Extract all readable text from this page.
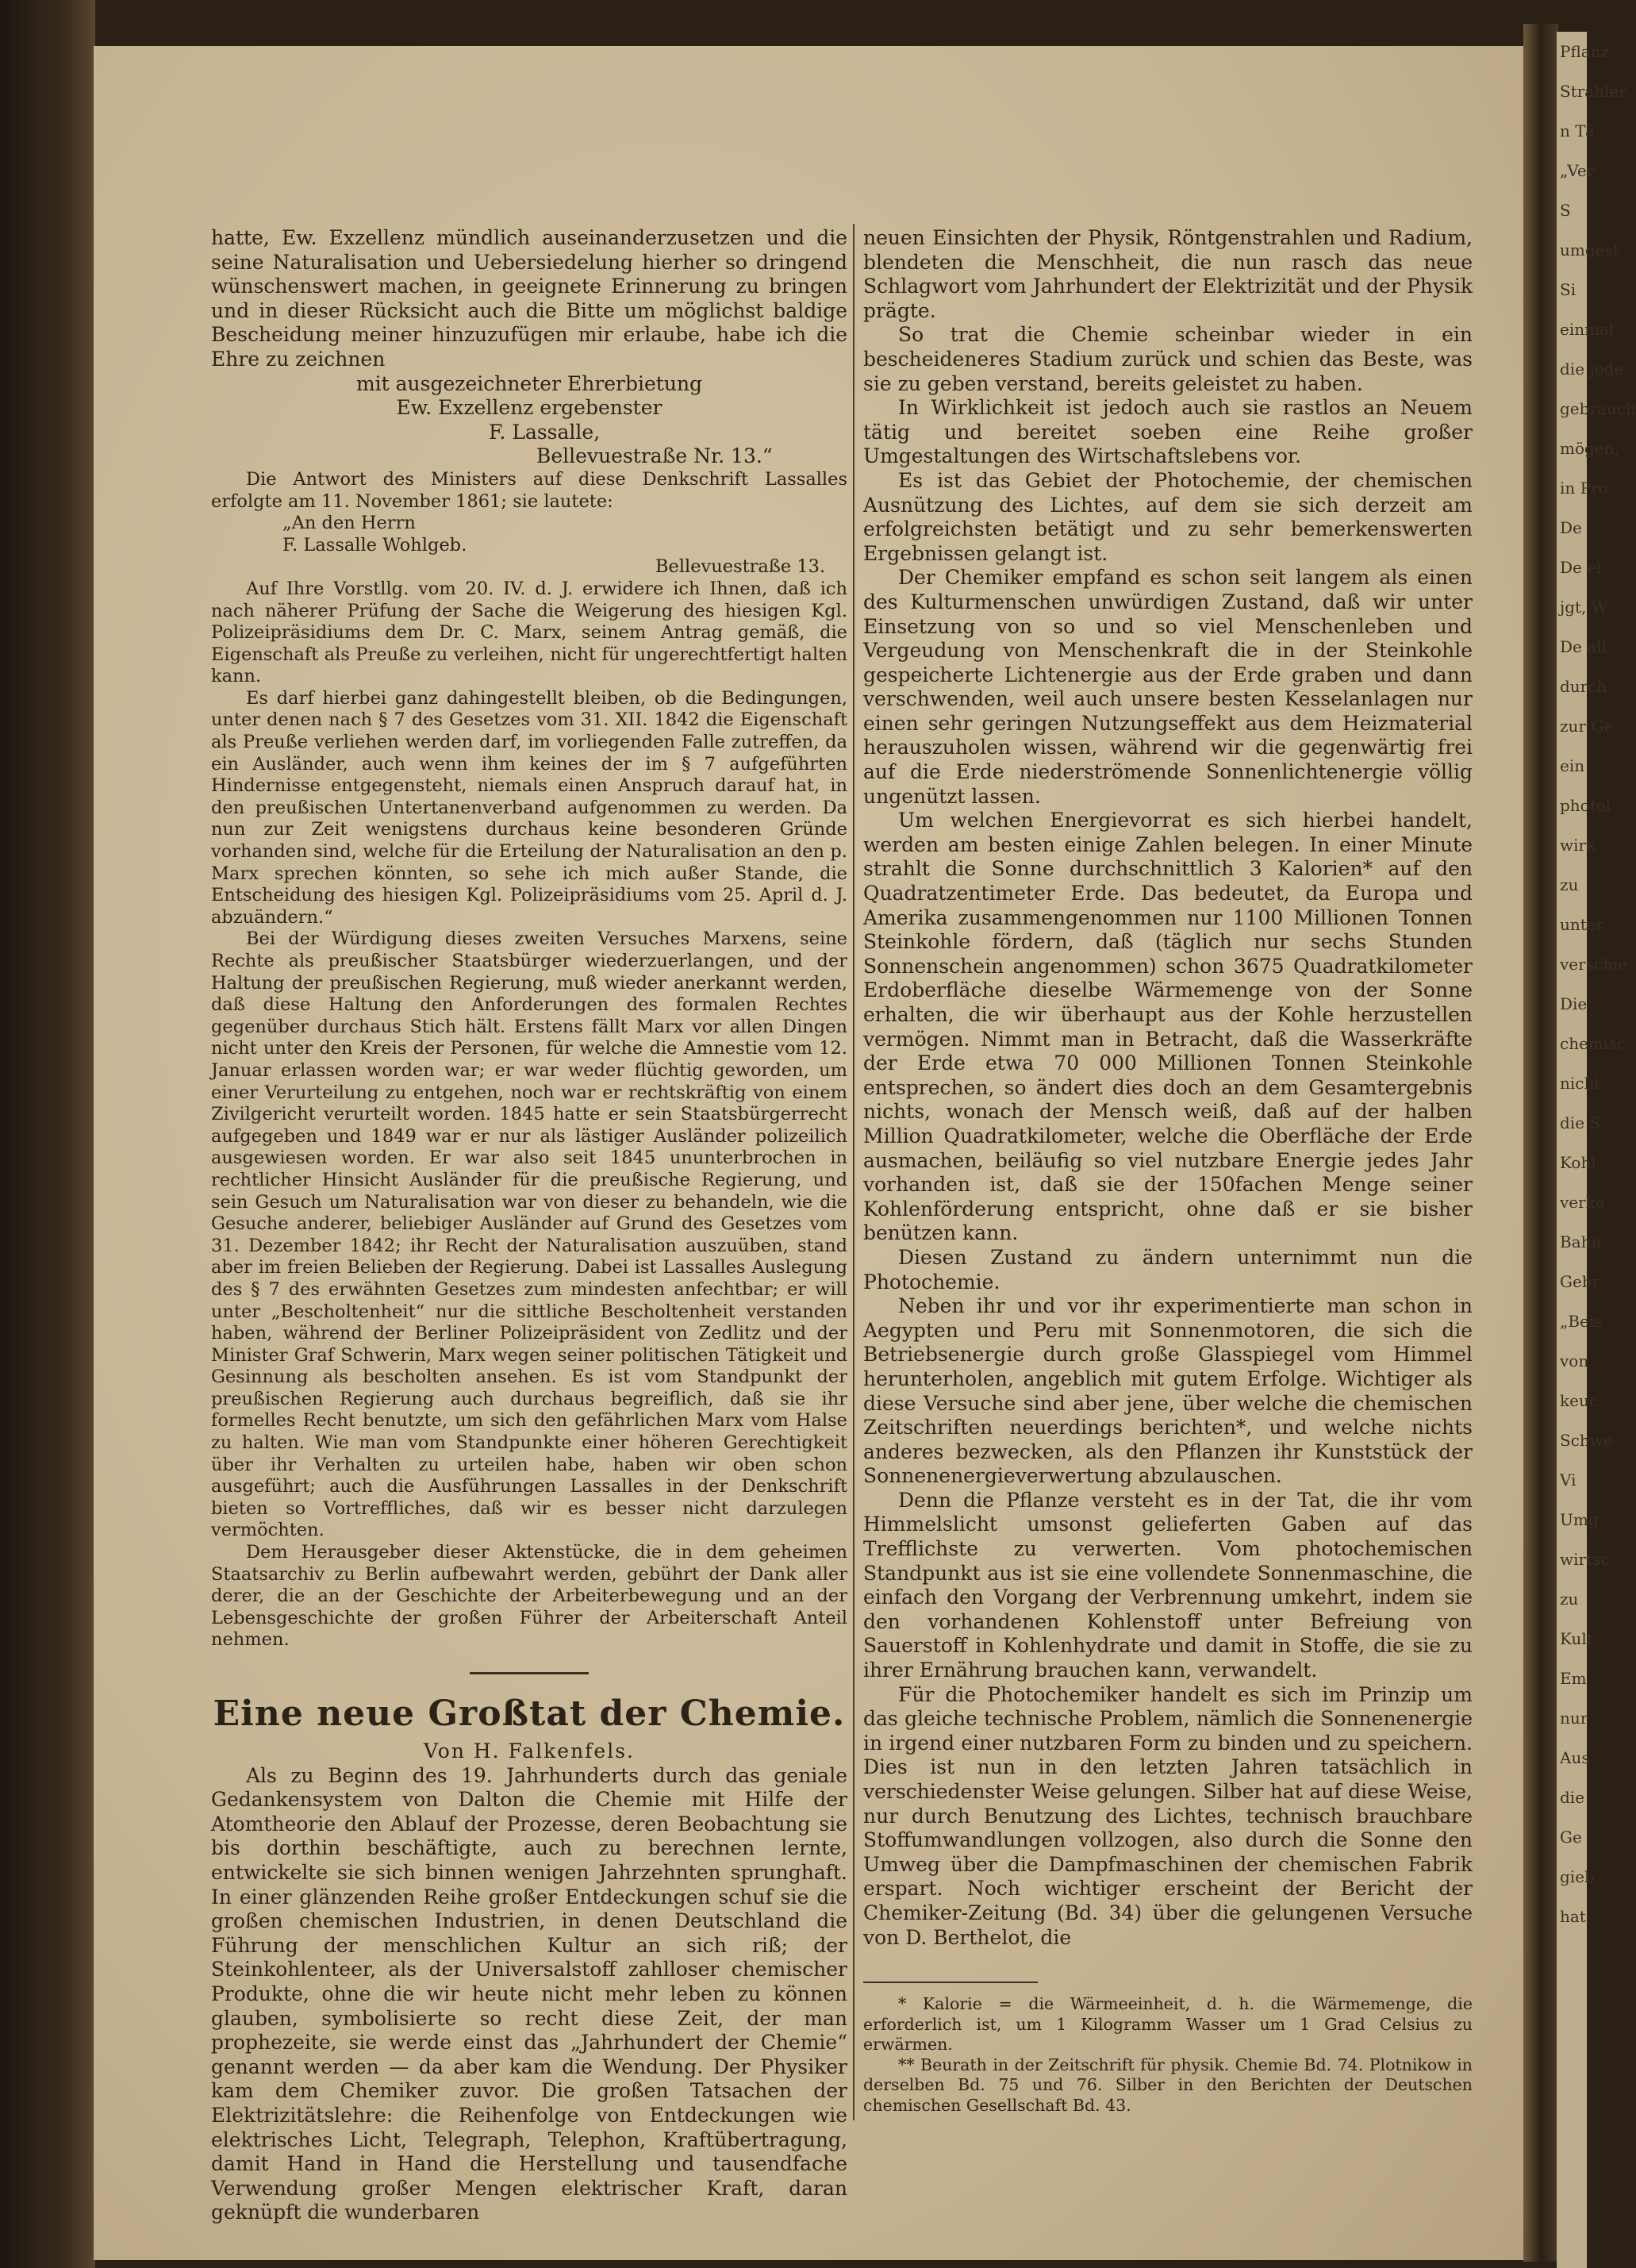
Pflanz
Strahler
n Tä
„Ver
S
umgest
Si
einmal
die jede
gebrauch
mögen,
in Pro
De
De el
jgt, W
De all
durch
zur Ge
ein
photol
wirk
zu
unter
verschie
Die
chemisc
nicht
die S
Kohl
verke
Bahn
Gebr
„Beis
von
keuc
Schwe
Vi
Umg
wirtsc
zu
Kult
Em
nur
Aus
die
Ge
gieb
hat

hatte, Ew. Exzellenz mündlich auseinanderzusetzen und die seine Naturalisation und Uebersiedelung hierher so dringend wünschenswert machen, in geeignete Erinnerung zu bringen und in dieser Rücksicht auch die Bitte um möglichst baldige Bescheidung meiner hinzuzufügen mir erlaube, habe ich die Ehre zu zeichnen

mit ausgezeichneter Ehrerbietung

Ew. Exzellenz ergebenster

F. Lassalle,

Bellevuestraße Nr. 13.“

Die Antwort des Ministers auf diese Denkschrift Lassalles erfolgte am 11. November 1861; sie lautete:

„An den Herrn

F. Lassalle Wohlgeb.

Bellevuestraße 13.

Auf Ihre Vorstllg. vom 20. IV. d. J. erwidere ich Ihnen, daß ich nach näherer Prüfung der Sache die Weigerung des hiesigen Kgl. Polizeipräsidiums dem Dr. C. Marx, seinem Antrag gemäß, die Eigenschaft als Preuße zu verleihen, nicht für ungerechtfertigt halten kann.

Es darf hierbei ganz dahingestellt bleiben, ob die Bedingungen, unter denen nach § 7 des Gesetzes vom 31. XII. 1842 die Eigenschaft als Preuße verliehen werden darf, im vorliegenden Falle zutreffen, da ein Ausländer, auch wenn ihm keines der im § 7 aufgeführten Hindernisse entgegensteht, niemals einen Anspruch darauf hat, in den preußischen Untertanenverband aufgenommen zu werden. Da nun zur Zeit wenigstens durchaus keine besonderen Gründe vorhanden sind, welche für die Erteilung der Naturalisation an den p. Marx sprechen könnten, so sehe ich mich außer Stande, die Entscheidung des hiesigen Kgl. Polizeipräsidiums vom 25. April d. J. abzuändern.“

Bei der Würdigung dieses zweiten Versuches Marxens, seine Rechte als preußischer Staatsbürger wiederzuerlangen, und der Haltung der preußischen Regierung, muß wieder anerkannt werden, daß diese Haltung den Anforderungen des formalen Rechtes gegenüber durchaus Stich hält. Erstens fällt Marx vor allen Dingen nicht unter den Kreis der Personen, für welche die Amnestie vom 12. Januar erlassen worden war; er war weder flüchtig geworden, um einer Verurteilung zu entgehen, noch war er rechtskräftig von einem Zivilgericht verurteilt worden. 1845 hatte er sein Staatsbürgerrecht aufgegeben und 1849 war er nur als lästiger Ausländer polizeilich ausgewiesen worden. Er war also seit 1845 ununterbrochen in rechtlicher Hinsicht Ausländer für die preußische Regierung, und sein Gesuch um Naturalisation war von dieser zu behandeln, wie die Gesuche anderer, beliebiger Ausländer auf Grund des Gesetzes vom 31. Dezember 1842; ihr Recht der Naturalisation auszuüben, stand aber im freien Belieben der Regierung. Dabei ist Lassalles Auslegung des § 7 des erwähnten Gesetzes zum mindesten anfechtbar; er will unter „Bescholtenheit“ nur die sittliche Bescholtenheit verstanden haben, während der Berliner Polizeipräsident von Zedlitz und der Minister Graf Schwerin, Marx wegen seiner politischen Tätigkeit und Gesinnung als bescholten ansehen. Es ist vom Standpunkt der preußischen Regierung auch durchaus begreiflich, daß sie ihr formelles Recht benutzte, um sich den gefährlichen Marx vom Halse zu halten. Wie man vom Standpunkte einer höheren Gerechtigkeit über ihr Verhalten zu urteilen habe, haben wir oben schon ausgeführt; auch die Ausführungen Lassalles in der Denkschrift bieten so Vortreffliches, daß wir es besser nicht darzulegen vermöchten.

Dem Herausgeber dieser Aktenstücke, die in dem geheimen Staatsarchiv zu Berlin aufbewahrt werden, gebührt der Dank aller derer, die an der Geschichte der Arbeiterbewegung und an der Lebensgeschichte der großen Führer der Arbeiterschaft Anteil nehmen.

Eine neue Großtat der Chemie.

Von H. Falkenfels.

Als zu Beginn des 19. Jahrhunderts durch das geniale Gedankensystem von Dalton die Chemie mit Hilfe der Atomtheorie den Ablauf der Prozesse, deren Beobachtung sie bis dorthin beschäftigte, auch zu berechnen lernte, entwickelte sie sich binnen wenigen Jahrzehnten sprunghaft. In einer glänzenden Reihe großer Entdeckungen schuf sie die großen chemischen Industrien, in denen Deutschland die Führung der menschlichen Kultur an sich riß; der Steinkohlenteer, als der Universalstoff zahlloser chemischer Produkte, ohne die wir heute nicht mehr leben zu können glauben, symbolisierte so recht diese Zeit, der man prophezeite, sie werde einst das „Jahrhundert der Chemie“ genannt werden — da aber kam die Wendung. Der Physiker kam dem Chemiker zuvor. Die großen Tatsachen der Elektrizitätslehre: die Reihenfolge von Entdeckungen wie elektrisches Licht, Telegraph, Telephon, Kraftübertragung, damit Hand in Hand die Herstellung und tausendfache Verwendung großer Mengen elektrischer Kraft, daran geknüpft die wunderbaren

neuen Einsichten der Physik, Röntgenstrahlen und Radium, blendeten die Menschheit, die nun rasch das neue Schlagwort vom Jahrhundert der Elektrizität und der Physik prägte.

So trat die Chemie scheinbar wieder in ein bescheideneres Stadium zurück und schien das Beste, was sie zu geben verstand, bereits geleistet zu haben.

In Wirklichkeit ist jedoch auch sie rastlos an Neuem tätig und bereitet soeben eine Reihe großer Umgestaltungen des Wirtschaftslebens vor.

Es ist das Gebiet der Photochemie, der chemischen Ausnützung des Lichtes, auf dem sie sich derzeit am erfolgreichsten betätigt und zu sehr bemerkenswerten Ergebnissen gelangt ist.

Der Chemiker empfand es schon seit langem als einen des Kulturmenschen unwürdigen Zustand, daß wir unter Einsetzung von so und so viel Menschenleben und Vergeudung von Menschenkraft die in der Steinkohle gespeicherte Lichtenergie aus der Erde graben und dann verschwenden, weil auch unsere besten Kesselanlagen nur einen sehr geringen Nutzungseffekt aus dem Heizmaterial herauszuholen wissen, während wir die gegenwärtig frei auf die Erde niederströmende Sonnenlichtenergie völlig ungenützt lassen.

Um welchen Energievorrat es sich hierbei handelt, werden am besten einige Zahlen belegen. In einer Minute strahlt die Sonne durchschnittlich 3 Kalorien* auf den Quadratzentimeter Erde. Das bedeutet, da Europa und Amerika zusammengenommen nur 1100 Millionen Tonnen Steinkohle fördern, daß (täglich nur sechs Stunden Sonnenschein angenommen) schon 3675 Quadratkilometer Erdoberfläche dieselbe Wärmemenge von der Sonne erhalten, die wir überhaupt aus der Kohle herzustellen vermögen. Nimmt man in Betracht, daß die Wasserkräfte der Erde etwa 70 000 Millionen Tonnen Steinkohle entsprechen, so ändert dies doch an dem Gesamtergebnis nichts, wonach der Mensch weiß, daß auf der halben Million Quadratkilometer, welche die Oberfläche der Erde ausmachen, beiläufig so viel nutzbare Energie jedes Jahr vorhanden ist, daß sie der 150fachen Menge seiner Kohlenförderung entspricht, ohne daß er sie bisher benützen kann.

Diesen Zustand zu ändern unternimmt nun die Photochemie.

Neben ihr und vor ihr experimentierte man schon in Aegypten und Peru mit Sonnenmotoren, die sich die Betriebsenergie durch große Glasspiegel vom Himmel herunterholen, angeblich mit gutem Erfolge. Wichtiger als diese Versuche sind aber jene, über welche die chemischen Zeitschriften neuerdings berichten*, und welche nichts anderes bezwecken, als den Pflanzen ihr Kunststück der Sonnenenergieverwertung abzulauschen.

Denn die Pflanze versteht es in der Tat, die ihr vom Himmelslicht umsonst gelieferten Gaben auf das Trefflichste zu verwerten. Vom photochemischen Standpunkt aus ist sie eine vollendete Sonnenmaschine, die einfach den Vorgang der Verbrennung umkehrt, indem sie den vorhandenen Kohlenstoff unter Befreiung von Sauerstoff in Kohlenhydrate und damit in Stoffe, die sie zu ihrer Ernährung brauchen kann, verwandelt.

Für die Photochemiker handelt es sich im Prinzip um das gleiche technische Problem, nämlich die Sonnenenergie in irgend einer nutzbaren Form zu binden und zu speichern. Dies ist nun in den letzten Jahren tatsächlich in verschiedenster Weise gelungen. Silber hat auf diese Weise, nur durch Benutzung des Lichtes, technisch brauchbare Stoffumwandlungen vollzogen, also durch die Sonne den Umweg über die Dampfmaschinen der chemischen Fabrik erspart. Noch wichtiger erscheint der Bericht der Chemiker-Zeitung (Bd. 34) über die gelungenen Versuche von D. Berthelot, die

* Kalorie = die Wärmeeinheit, d. h. die Wärmemenge, die erforderlich ist, um 1 Kilogramm Wasser um 1 Grad Celsius zu erwärmen.

** Beurath in der Zeitschrift für physik. Chemie Bd. 74. Plotnikow in derselben Bd. 75 und 76. Silber in den Berichten der Deutschen chemischen Gesellschaft Bd. 43.
